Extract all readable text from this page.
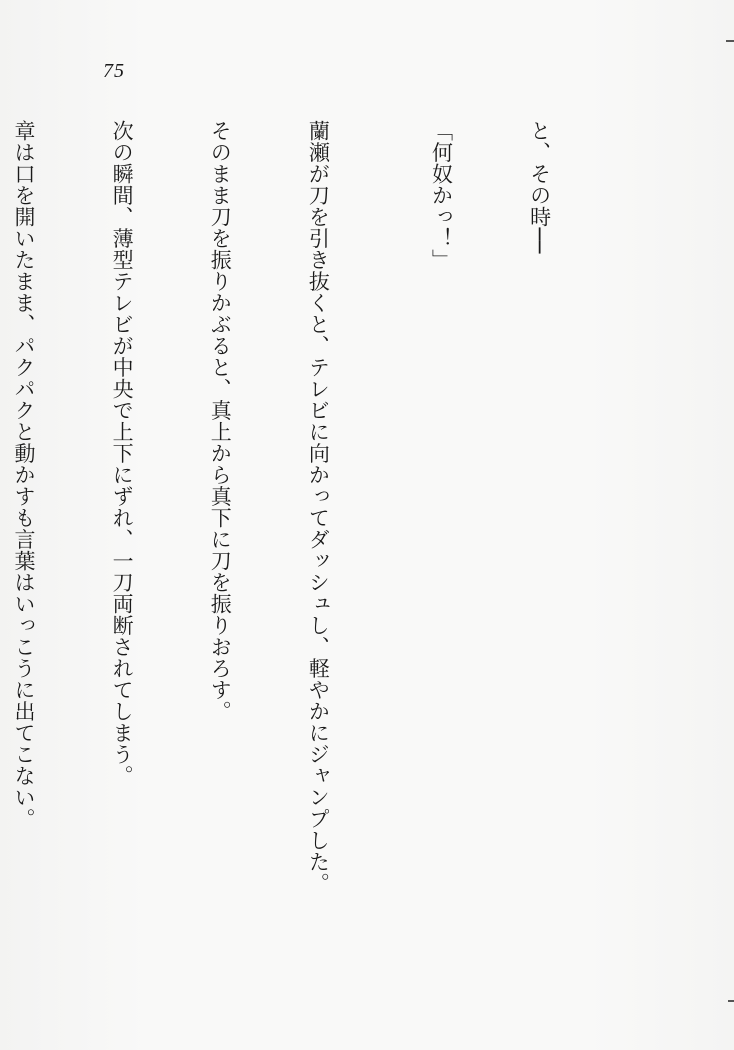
75

と、その時──

「何奴かっ！」

蘭瀬が刀を引き抜くと、テレビに向かってダッシュし、軽やかにジャンプした。

そのまま刀を振りかぶると、真上から真下に刀を振りおろす。

次の瞬間、薄型テレビが中央で上下にずれ、一刀両断されてしまう。

章は口を開いたまま、パクパクと動かすも言葉はいっこうに出てこない。
